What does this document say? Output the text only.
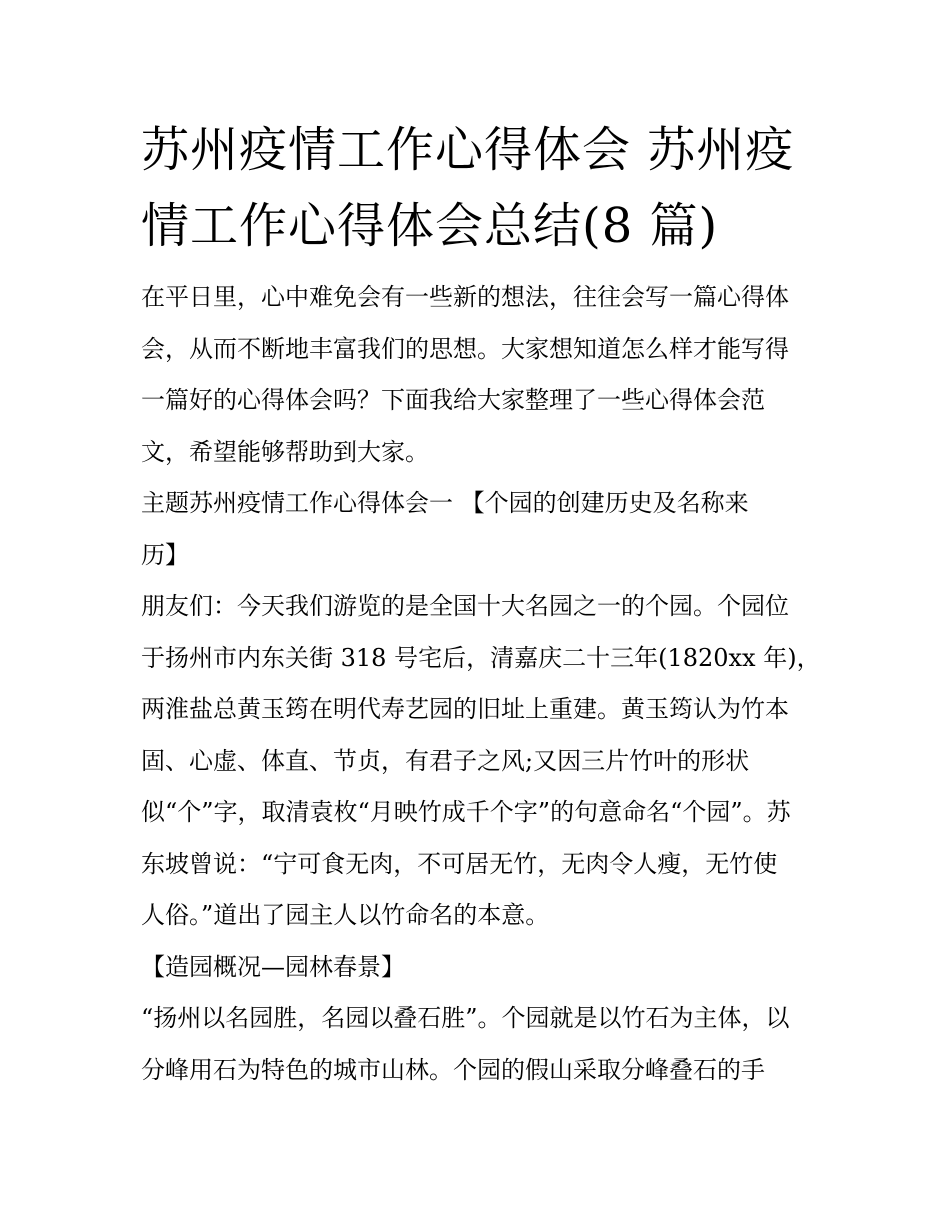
苏州疫情工作心得体会 苏州疫
情工作心得体会总结(8 篇)
在平日里，心中难免会有一些新的想法，往往会写一篇心得体
会，从而不断地丰富我们的思想。大家想知道怎么样才能写得
一篇好的心得体会吗？下面我给大家整理了一些心得体会范
文，希望能够帮助到大家。
主题苏州疫情工作心得体会一 【个园的创建历史及名称来
历】
朋友们：今天我们游览的是全国十大名园之一的个园。个园位
于扬州市内东关街 318 号宅后，清嘉庆二十三年(1820xx 年)，
两淮盐总黄玉筠在明代寿艺园的旧址上重建。黄玉筠认为竹本
固、心虚、体直、节贞，有君子之风;又因三片竹叶的形状
似“个”字，取清袁枚“月映竹成千个字”的句意命名“个园”。苏
东坡曾说：“宁可食无肉，不可居无竹，无肉令人瘦，无竹使
人俗。”道出了园主人以竹命名的本意。
【造园概况—园林春景】
“扬州以名园胜，名园以叠石胜”。个园就是以竹石为主体，以
分峰用石为特色的城市山林。个园的假山采取分峰叠石的手
